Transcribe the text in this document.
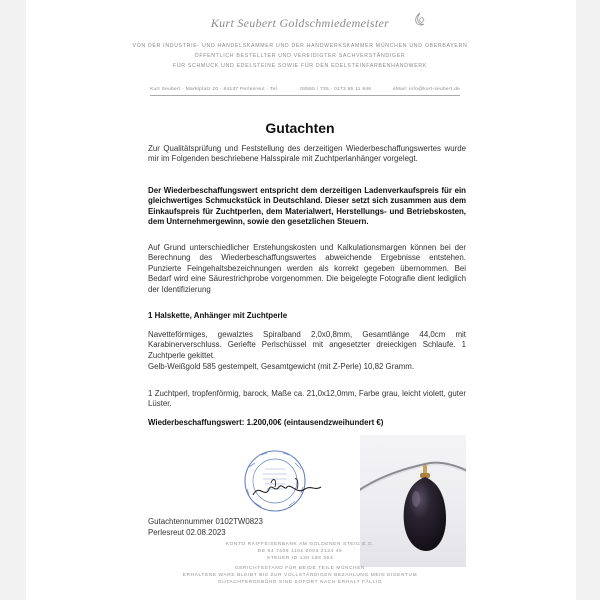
Kurt Seubert Goldschmiedemeister
VON DER INDUSTRIE- UND HANDELSKAMMER UND DER HANDWERKSKAMMER MÜNCHEN UND OBERBAYERN
ÖFFENTLICH BESTELLTER UND VEREIDIGTER SACHVERSTÄNDIGER
FÜR SCHMUCK UND EDELSTEINE SOWIE FÜR DEN EDELSTEINFARBENHANDWERK
Kurt Seubert · Marktplatz 20 · 84137 Perlesreut · Tel.	08555 / 735 · 0173 65 11 846	eMail: info@kurt-seubert.de
Gutachten
Zur Qualitätsprüfung und Feststellung des derzeitigen Wiederbeschaffungswertes wurde mir im Folgenden beschriebene Halsspirale mit Zuchtperlanhänger vorgelegt.
Der Wiederbeschaffungswert entspricht dem derzeitigen Ladenverkaufspreis für ein gleichwertiges Schmuckstück in Deutschland. Dieser setzt sich zusammen aus dem Einkaufspreis für Zuchtperlen, dem Materialwert, Herstellungs- und Betriebskosten, dem Unternehmergewinn, sowie den gesetzlichen Steuern.
Auf Grund unterschiedlicher Erstehungskosten und Kalkulationsmargen können bei der Berechnung des Wiederbeschaffungswertes abweichende Ergebnisse entstehen. Punzierte Feingehaltsbezeichnungen werden als korrekt gegeben übernommen. Bei Bedarf wird eine Säurestrichprobe vorgenommen. Die beigelegte Fotografie dient lediglich der Identifizierung
1 Halskette, Anhänger mit Zuchtperle
Navetteförmiges, gewalztes Spiralband 2,0x0,8mm, Gesamtlänge 44,0cm mit Karabinerverschluss. Geriefte Perlschüssel mit angesetzter dreieckigen Schlaufe. 1 Zuchtperle gekittet.
Gelb-Weißgold 585 gestempelt, Gesamtgewicht (mit Z-Perle) 10,82 Gramm.
1 Zuchtperl, tropfenförmig, barock, Maße ca. 21,0x12,0mm, Farbe grau, leicht violett, guter Lüster.
Wiederbeschaffungswert: 1.200,00€ (eintausendzweihundert €)
Gutachtennummer 0102TW0823
Perlesreut 02.08.2023
KONTO RAIFFEISENBANK AM GOLDENEN STEIG E.G.
DE 64 7406 1101 0003 2124 45
STEUER ID 130 188 353
GERICHTSSTAND FÜR BEIDE TEILE MÜNCHEN
ERHALTENE WARE BLEIBT BIS ZUR VOLLSTÄNDIGEN BEZAHLUNG MEIN EIGENTUM
GUTACHTERGEBÜHR SIND SOFORT NACH ERHALT FÄLLIG
